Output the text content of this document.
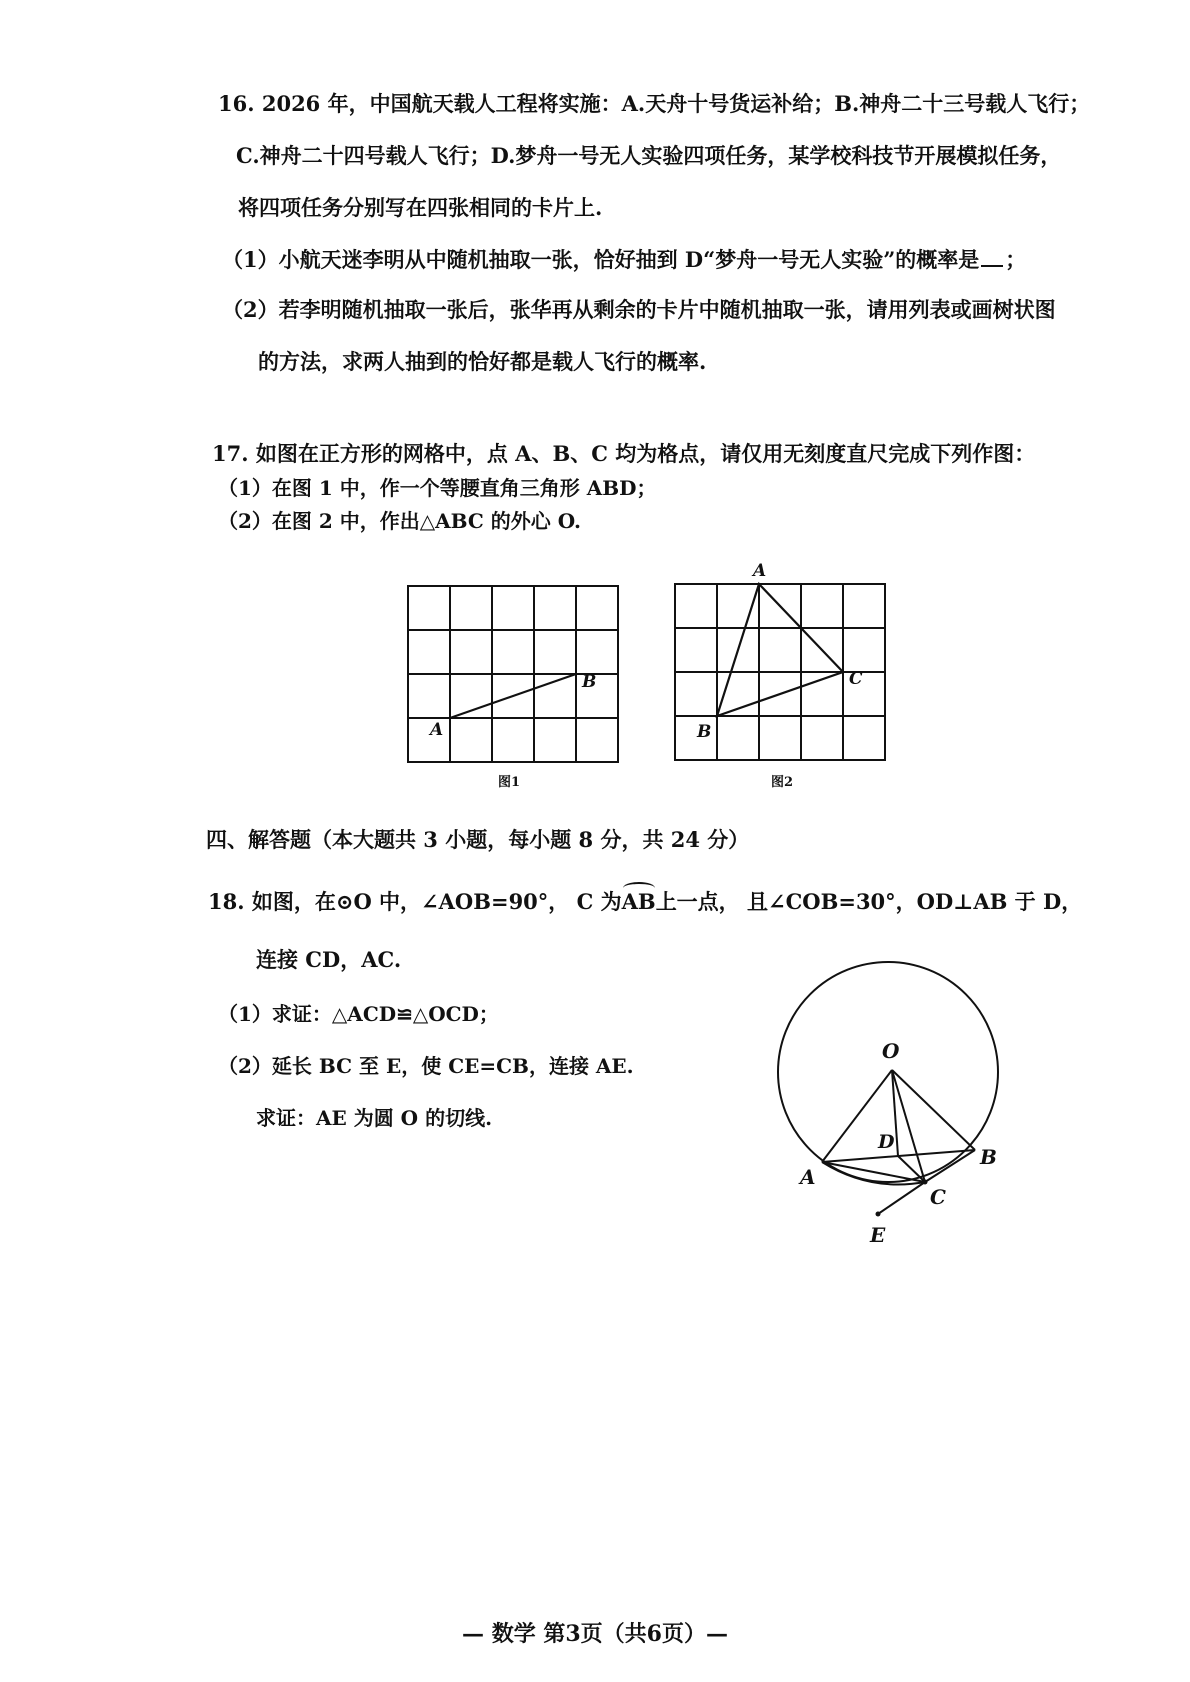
16. 2026 年，中国航天载人工程将实施：A.天舟十号货运补给；B.神舟二十三号载人飞行；
C.神舟二十四号载人飞行；D.梦舟一号无人实验四项任务，某学校科技节开展模拟任务，
将四项任务分别写在四张相同的卡片上.
（1）小航天迷李明从中随机抽取一张，恰好抽到 D“梦舟一号无人实验”的概率是 ；
（2）若李明随机抽取一张后，张华再从剩余的卡片中随机抽取一张，请用列表或画树状图
的方法，求两人抽到的恰好都是载人飞行的概率.
17. 如图在正方形的网格中，点 A、B、C 均为格点，请仅用无刻度直尺完成下列作图：
（1）在图 1 中，作一个等腰直角三角形 ABD；
（2）在图 2 中，作出△ABC 的外心 O.
A
B
图1
A
B
C
图2
四、解答题（本大题共 3 小题，每小题 8 分，共 24 分）
18. 如图，在⊙O 中，∠AOB=90°， C 为AB上一点， 且∠COB=30°，OD⊥AB 于 D，
连接 CD，AC.
（1）求证：△ACD≌△OCD；
（2）延长 BC 至 E，使 CE=CB，连接 AE.
求证：AE 为圆 O 的切线.
O
D
A
B
C
E
— 数学 第3页（共6页）—
